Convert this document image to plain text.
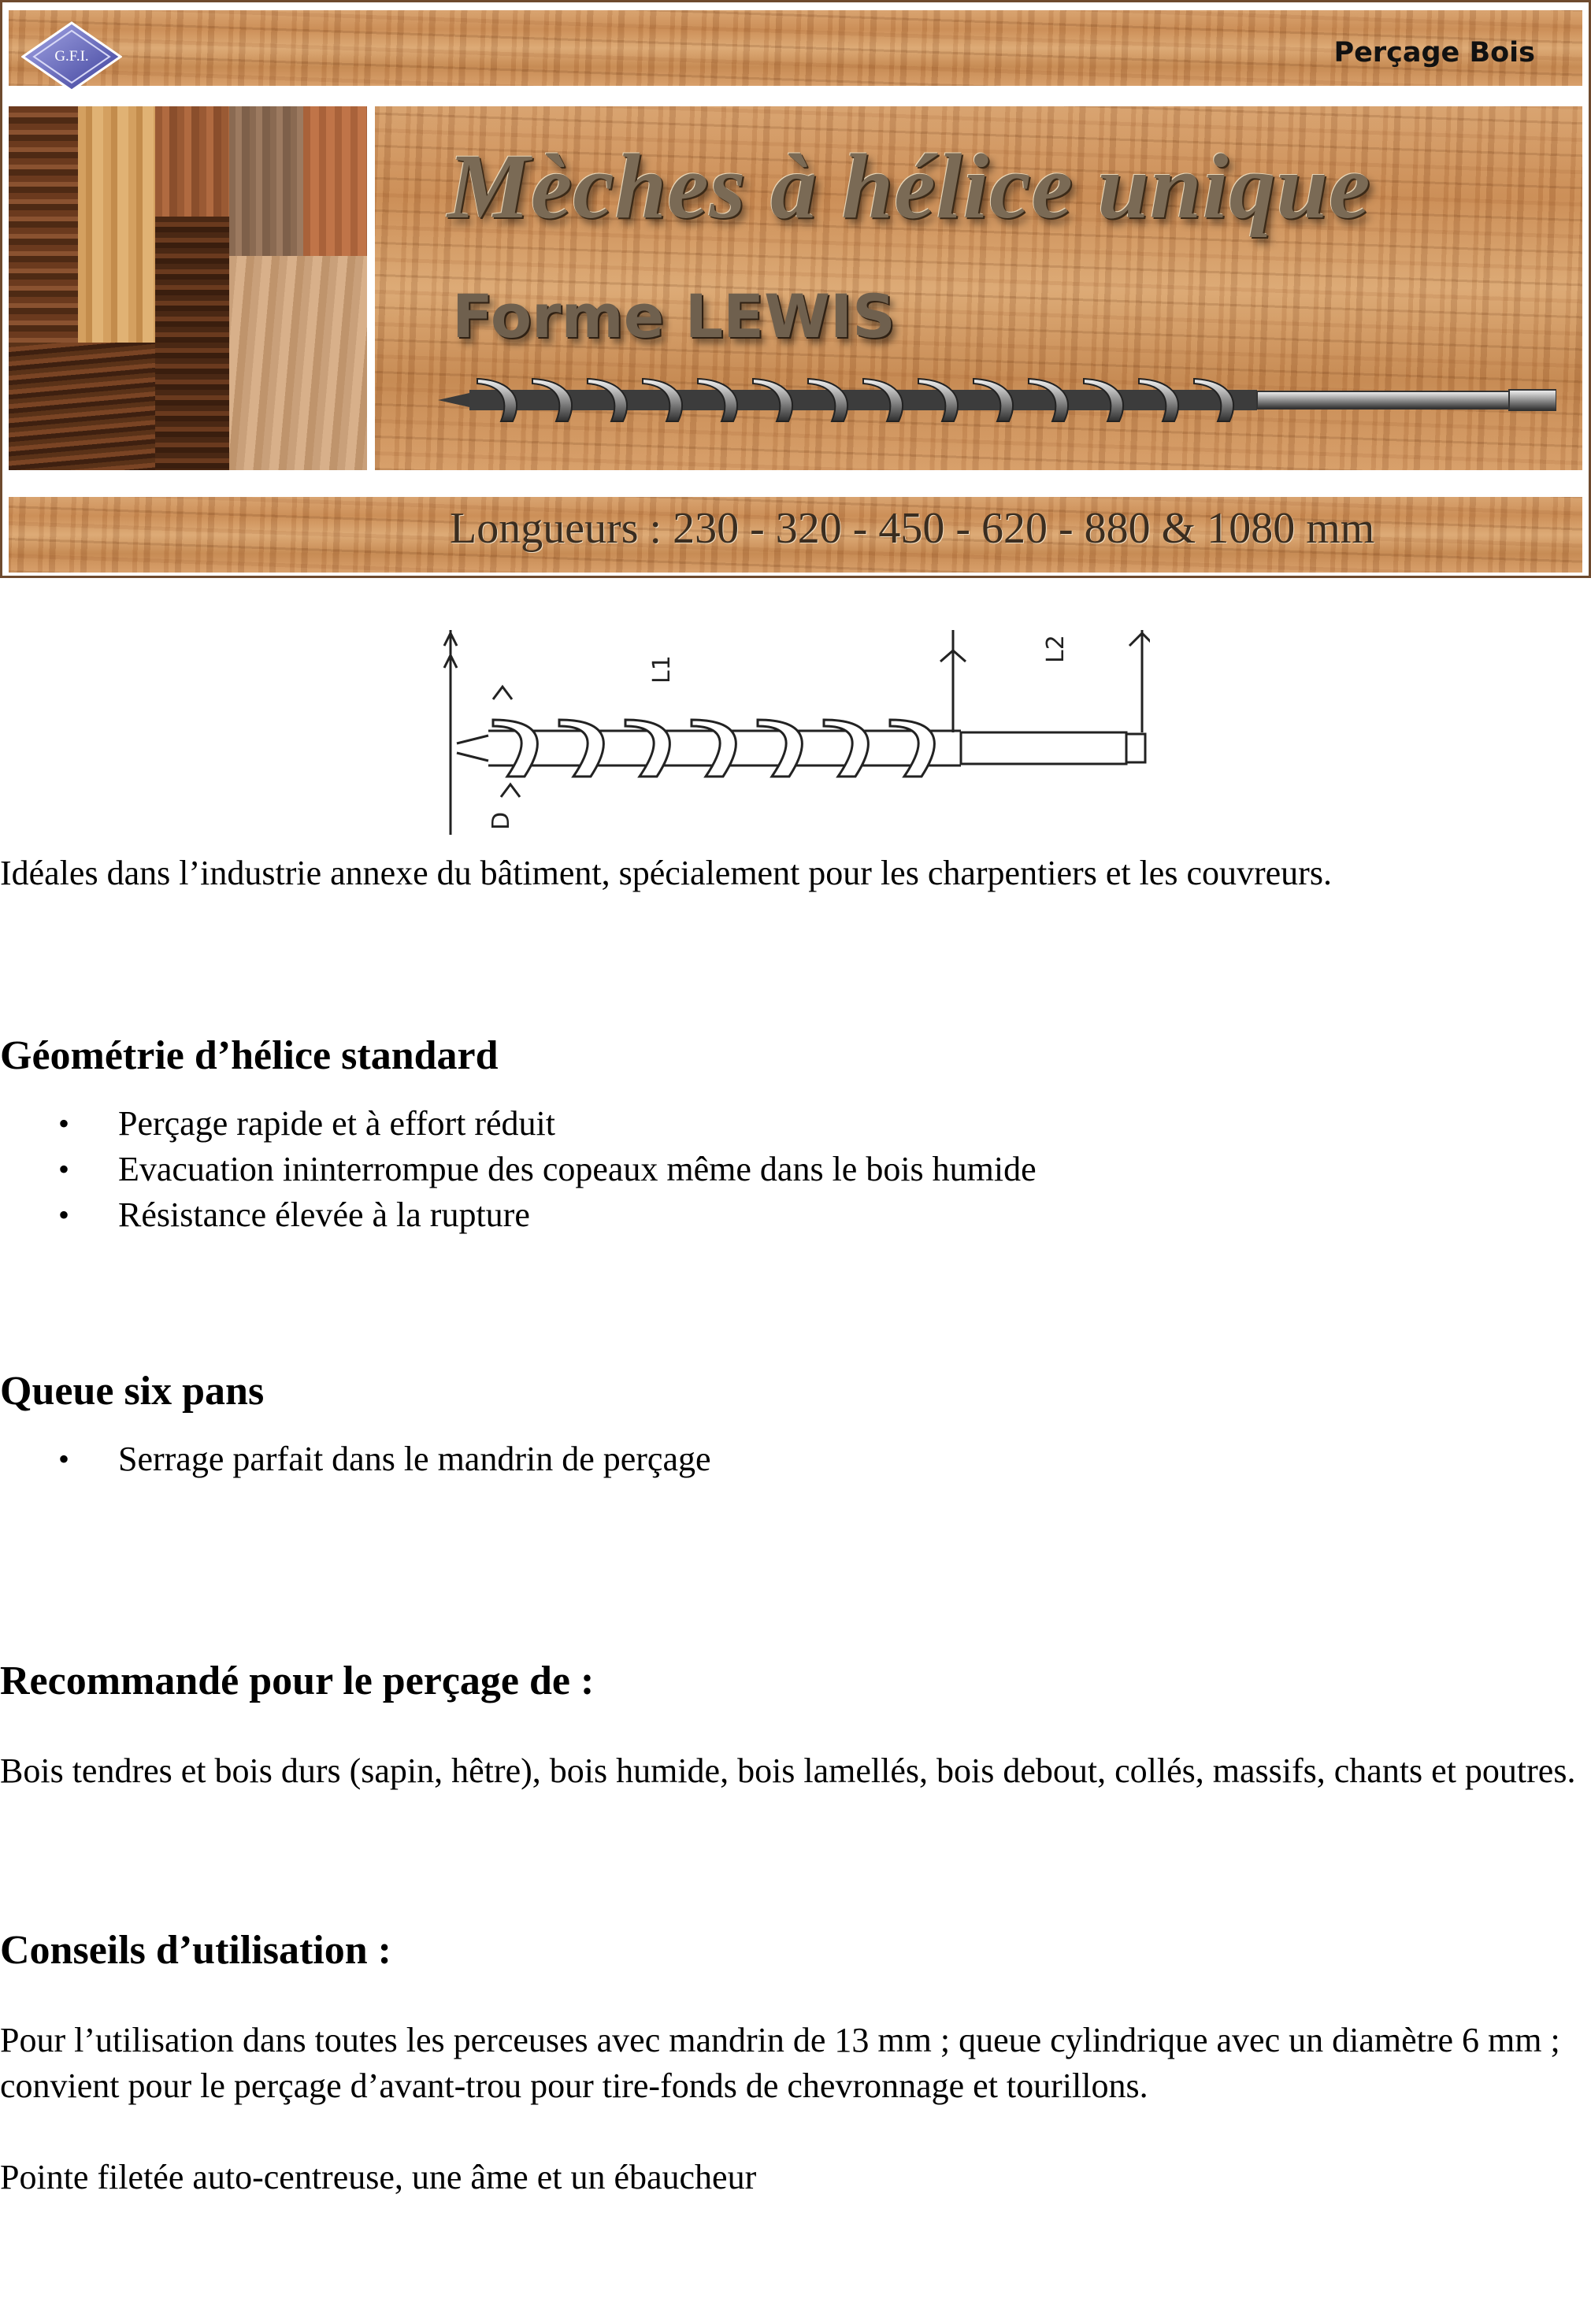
G.F.I.	Perçage Bois
Mèches à hélice unique
Forme LEWIS
Longueurs : 230 - 320 - 450 - 620 - 880 & 1080 mm
L1
L2
D

Idéales dans l’industrie annexe du bâtiment, spécialement pour les charpentiers et les couvreurs.

Géométrie d’hélice standard
• Perçage rapide et à effort réduit
• Evacuation ininterrompue des copeaux même dans le bois humide
• Résistance élevée à la rupture
Queue six pans
• Serrage parfait dans le mandrin de perçage
Recommandé pour le perçage de :

Bois tendres et bois durs (sapin, hêtre), bois humide, bois lamellés, bois debout, collés, massifs, chants et poutres.

Conseils d’utilisation :

Pour l’utilisation dans toutes les perceuses avec mandrin de 13 mm ; queue cylindrique avec un diamètre 6 mm ; convient pour le perçage d’avant-trou pour tire-fonds de chevronnage et tourillons.

Pointe filetée auto-centreuse, une âme et un ébaucheur
